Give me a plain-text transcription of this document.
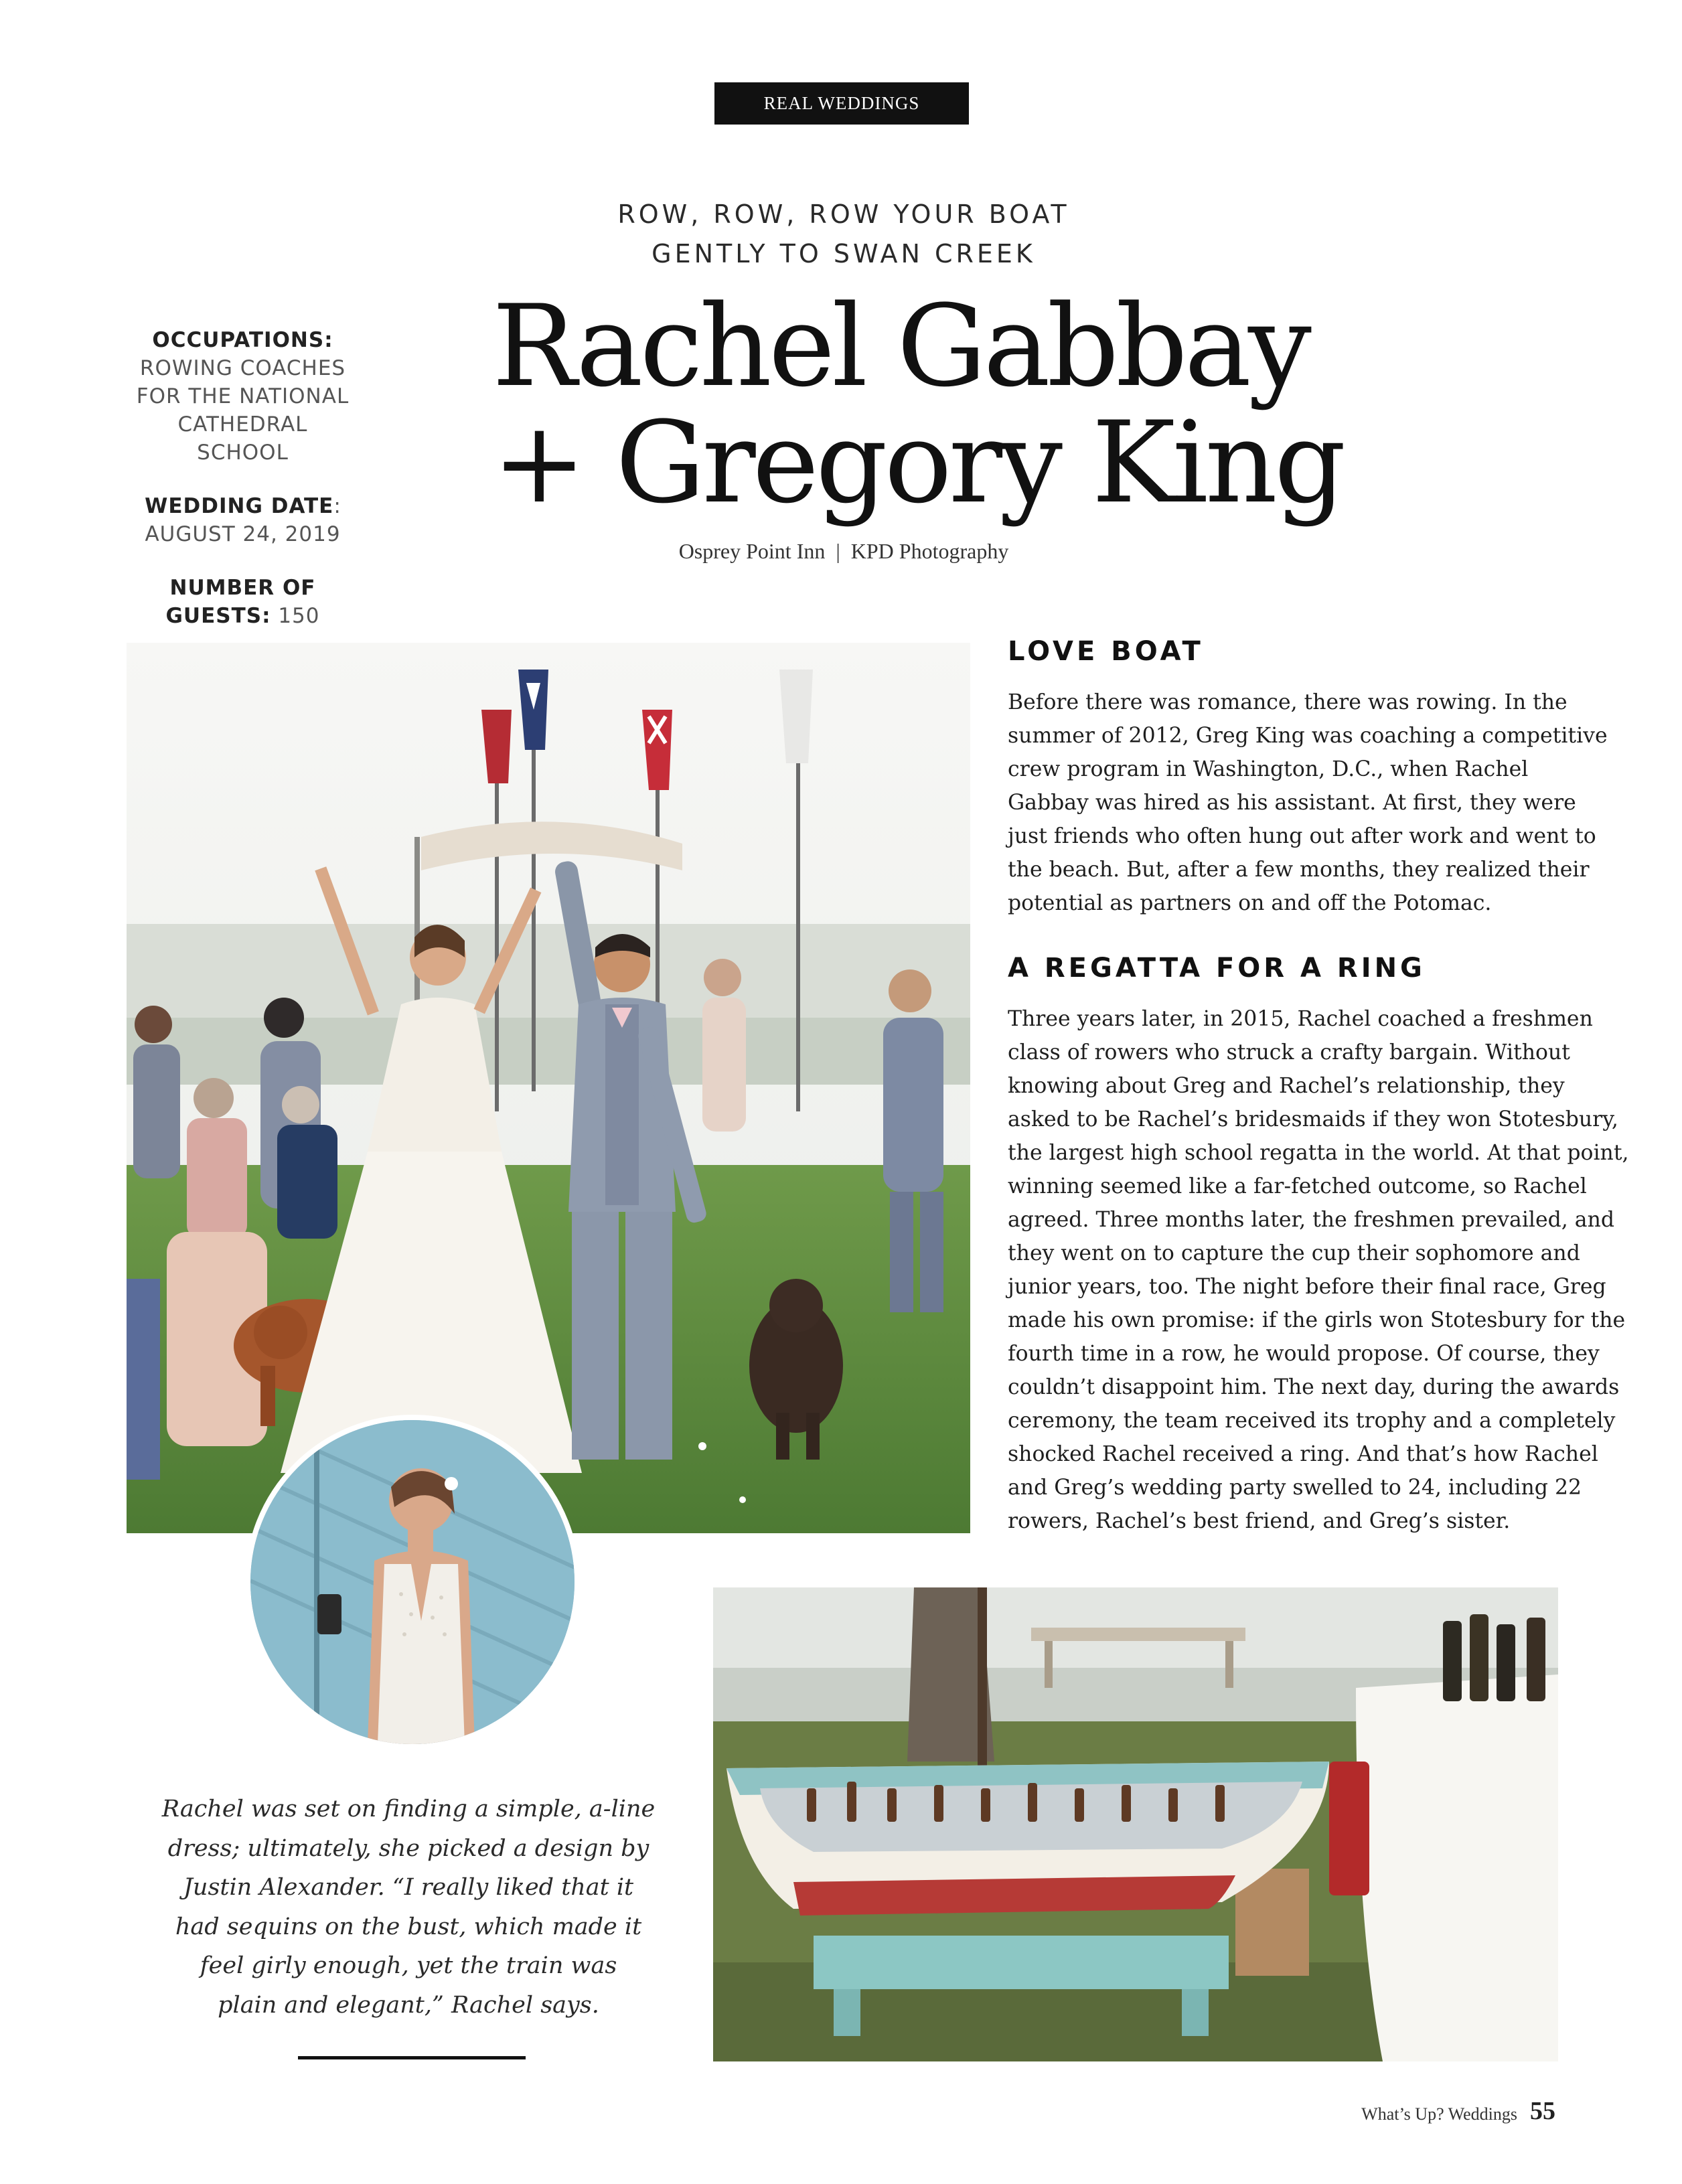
REAL WEDDINGS
ROW, ROW, ROW YOUR BOAT
GENTLY TO SWAN CREEK
Rachel Gabbay
+ Gregory King
Osprey Point Inn  |  KPD Photography
OCCUPATIONS:
ROWING COACHES
FOR THE NATIONAL
CATHEDRAL
SCHOOL
WEDDING DATE:
AUGUST 24, 2019
NUMBER OF
GUESTS: 150
LOVE BOAT
Before there was romance, there was rowing. In the
summer of 2012, Greg King was coaching a competitive
crew program in Washington, D.C., when Rachel
Gabbay was hired as his assistant. At first, they were
just friends who often hung out after work and went to
the beach. But, after a few months, they realized their
potential as partners on and off the Potomac.
A REGATTA FOR A RING
Three years later, in 2015, Rachel coached a freshmen
class of rowers who struck a crafty bargain. Without
knowing about Greg and Rachel’s relationship, they
asked to be Rachel’s bridesmaids if they won Stotesbury,
the largest high school regatta in the world. At that point,
winning seemed like a far-fetched outcome, so Rachel
agreed. Three months later, the freshmen prevailed, and
they went on to capture the cup their sophomore and
junior years, too. The night before their final race, Greg
made his own promise: if the girls won Stotesbury for the
fourth time in a row, he would propose. Of course, they
couldn’t disappoint him. The next day, during the awards
ceremony, the team received its trophy and a completely
shocked Rachel received a ring. And that’s how Rachel
and Greg’s wedding party swelled to 24, including 22
rowers, Rachel’s best friend, and Greg’s sister.
Rachel was set on finding a simple, a-line
dress; ultimately, she picked a design by
Justin Alexander. “I really liked that it
had sequins on the bust, which made it
feel girly enough, yet the train was
plain and elegant,” Rachel says.
What’s Up? Weddings 55
